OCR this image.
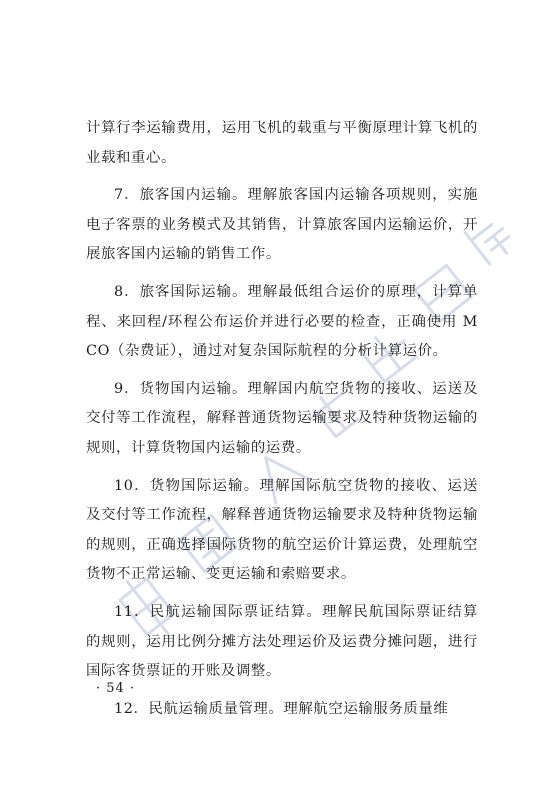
计算行李运输费用，运用飞机的载重与平衡原理计算飞机的业载和重心。

7．旅客国内运输。理解旅客国内运输各项规则，实施电子客票的业务模式及其销售，计算旅客国内运输运价，开展旅客国内运输的销售工作。

8．旅客国际运输。理解最低组合运价的原理，计算单程、来回程/环程公布运价并进行必要的检查，正确使用 MCO（杂费证），通过对复杂国际航程的分析计算运价。

9．货物国内运输。理解国内航空货物的接收、运送及交付等工作流程，解释普通货物运输要求及特种货物运输的规则，计算货物国内运输的运费。

10．货物国际运输。理解国际航空货物的接收、运送及交付等工作流程，解释普通货物运输要求及特种货物运输的规则，正确选择国际货物的航空运价计算运费，处理航空货物不正常运输、变更运输和索赔要求。

11．民航运输国际票证结算。理解民航国际票证结算的规则，运用比例分摊方法处理运价及运费分摊问题，进行国际客货票证的开账及调整。

12．民航运输质量管理。理解航空运输服务质量维

· 54 ·
